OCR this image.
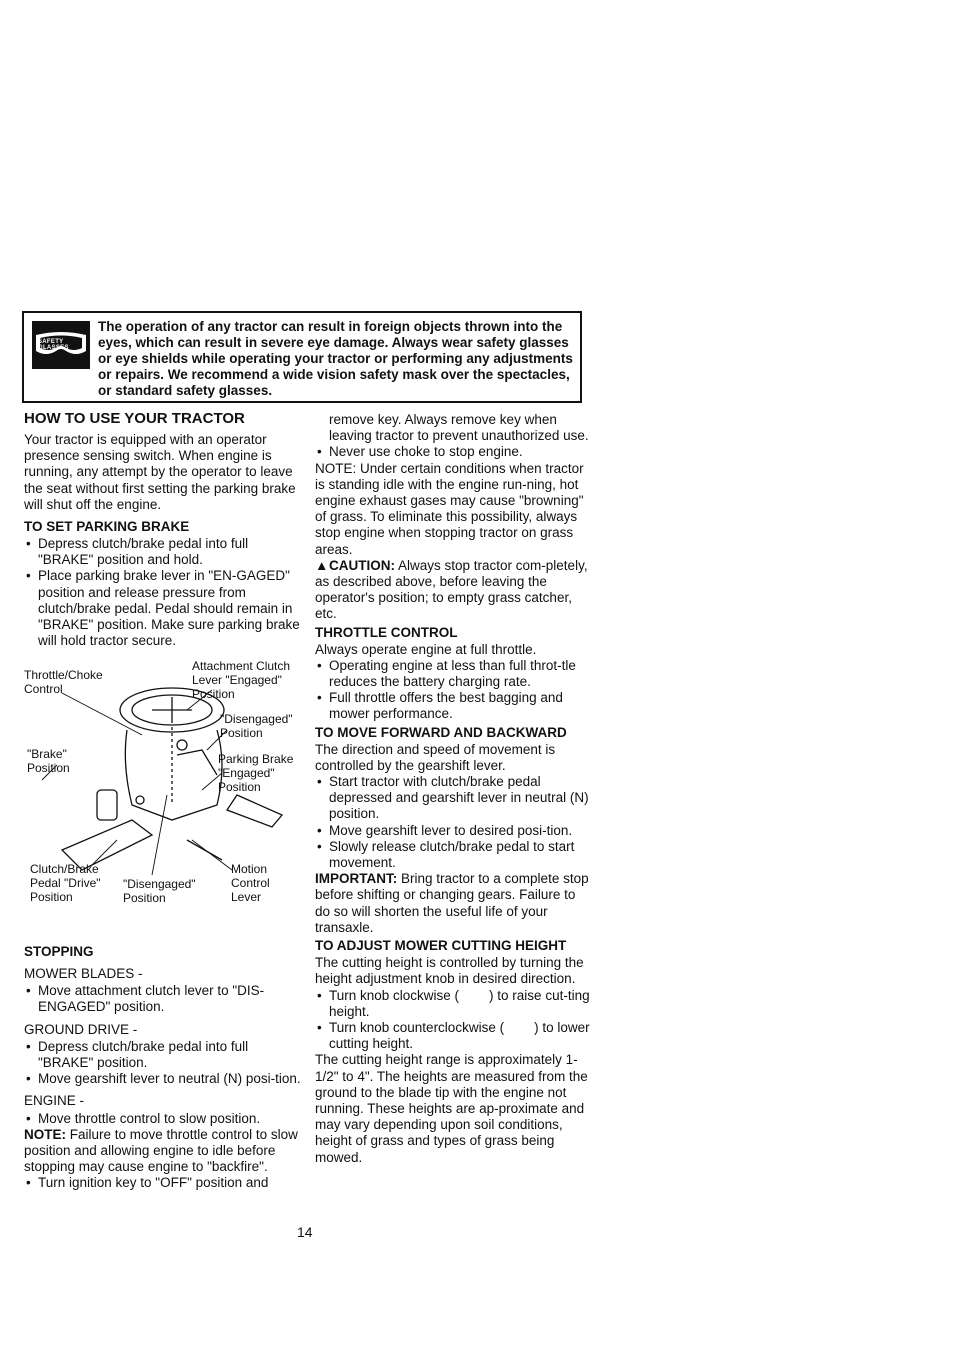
SAFETY GLASSES
The operation of any tractor can result in foreign objects thrown into the eyes, which can result in severe eye damage. Always wear safety glasses or eye shields while operating your tractor or performing any adjustments or repairs. We recommend a wide vision safety mask over the spectacles, or standard safety glasses.
HOW TO USE YOUR TRACTOR

Your tractor is equipped with an operator presence sensing switch. When engine is running, any attempt by the operator to leave the seat without first setting the parking brake will shut off the engine.

TO SET PARKING BRAKE
• Depress clutch/brake pedal into full "BRAKE" position and hold.
• Place parking brake lever in "EN-GAGED" position and release pressure from clutch/brake pedal. Pedal should remain in "BRAKE" position. Make sure parking brake will hold tractor secure.
Throttle/Choke Control
Attachment Clutch Lever "Engaged" Position
"Disengaged" Position
"Brake" Position
Parking Brake "Engaged" Position
Clutch/Brake Pedal "Drive" Position
"Disengaged" Position
Motion Control Lever
STOPPING

MOWER BLADES -

• Move attachment clutch lever to "DIS-ENGAGED" position.

GROUND DRIVE -

• Depress clutch/brake pedal into full "BRAKE" position.
• Move gearshift lever to neutral (N) posi-tion.

ENGINE -

• Move throttle control to slow position.

NOTE: Failure to move throttle control to slow position and allowing engine to idle before stopping may cause engine to "backfire".

• Turn ignition key to "OFF" position and

remove key. Always remove key when leaving tractor to prevent unauthorized use.

• Never use choke to stop engine.

NOTE: Under certain conditions when tractor is standing idle with the engine run-ning, hot engine exhaust gases may cause "browning" of grass. To eliminate this possibility, always stop engine when stopping tractor on grass areas.

▲CAUTION: Always stop tractor com-pletely, as described above, before leaving the operator's position; to empty grass catcher, etc.

THROTTLE CONTROL

Always operate engine at full throttle.

• Operating engine at less than full throt-tle reduces the battery charging rate.
• Full throttle offers the best bagging and mower performance.
TO MOVE FORWARD AND BACKWARD

The direction and speed of movement is controlled by the gearshift lever.

• Start tractor with clutch/brake pedal depressed and gearshift lever in neutral (N) position.
• Move gearshift lever to desired posi-tion.
• Slowly release clutch/brake pedal to start movement.

IMPORTANT: Bring tractor to a complete stop before shifting or changing gears. Failure to do so will shorten the useful life of your transaxle.

TO ADJUST MOWER CUTTING HEIGHT

The cutting height is controlled by turning the height adjustment knob in desired direction.

• Turn knob clockwise (        ) to raise cut-ting height.
• Turn knob counterclockwise (        ) to lower cutting height.

The cutting height range is approximately 1-1/2" to 4". The heights are measured from the ground to the blade tip with the engine not running. These heights are ap-proximate and may vary depending upon soil conditions, height of grass and types of grass being mowed.

14
